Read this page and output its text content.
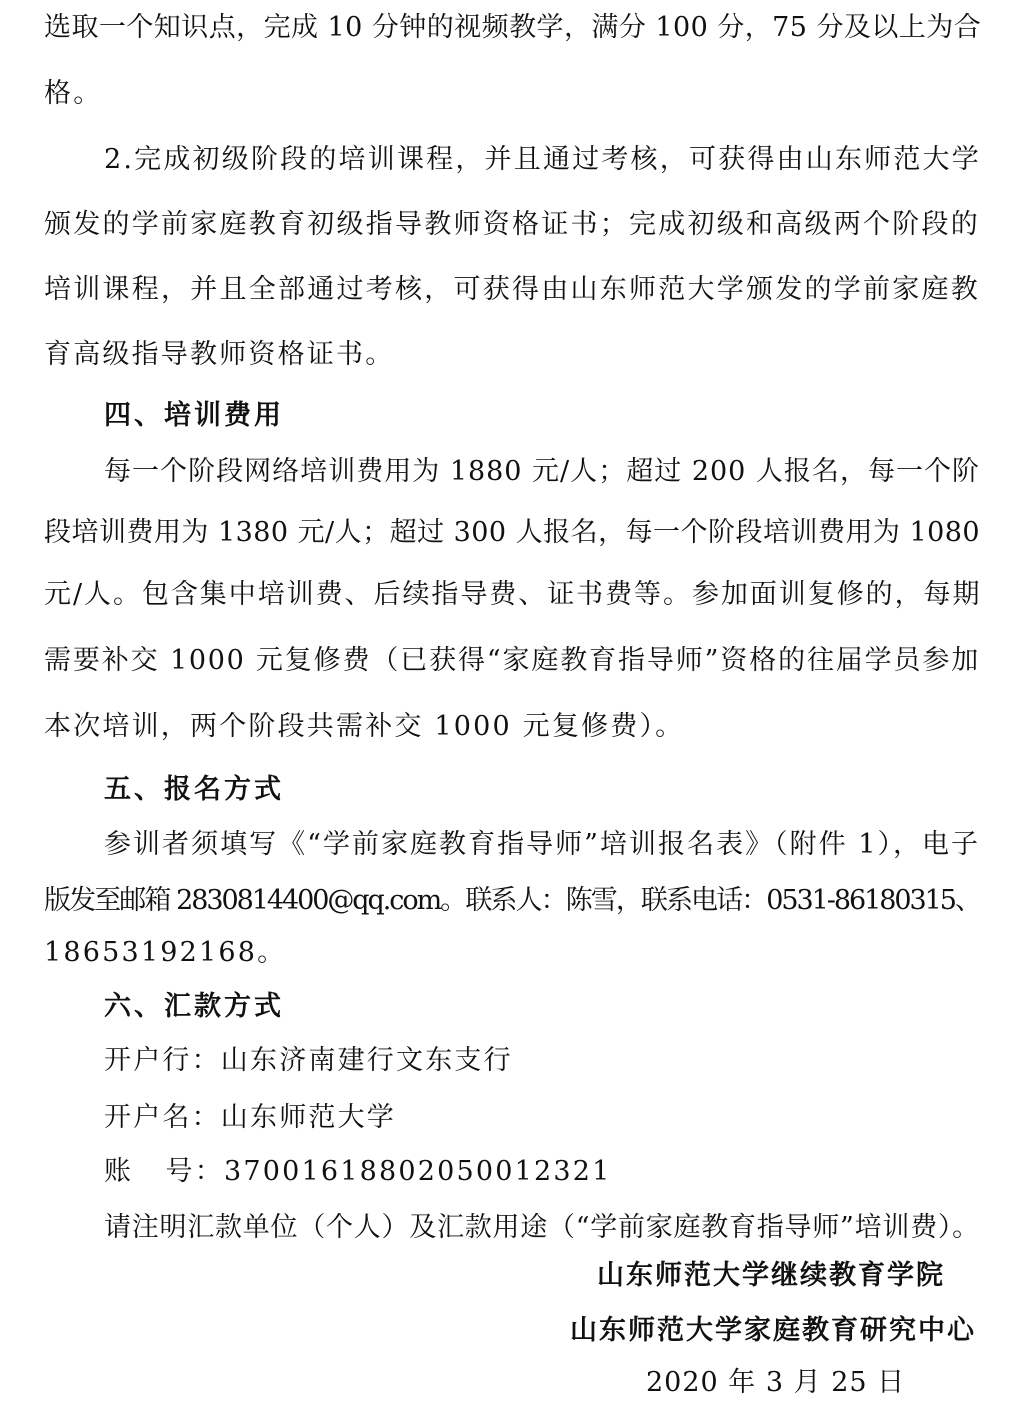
选取一个知识点，完成 10 分钟的视频教学，满分 100 分，75 分及以上为合
格。
2.完成初级阶段的培训课程，并且通过考核，可获得由山东师范大学
颁发的学前家庭教育初级指导教师资格证书；完成初级和高级两个阶段的
培训课程，并且全部通过考核，可获得由山东师范大学颁发的学前家庭教
育高级指导教师资格证书。
四、培训费用
每一个阶段网络培训费用为 1880 元/人；超过 200 人报名，每一个阶
段培训费用为 1380 元/人；超过 300 人报名，每一个阶段培训费用为 1080
元/人。包含集中培训费、后续指导费、证书费等。参加面训复修的，每期
需要补交 1000 元复修费（已获得“家庭教育指导师”资格的往届学员参加
本次培训，两个阶段共需补交 1000 元复修费）。
五、报名方式
参训者须填写《“学前家庭教育指导师”培训报名表》（附件 1），电子
版发至邮箱 2830814400@qq.com。联系人：陈雪，联系电话：0531-86180315、
18653192168。
六、汇款方式
开户行：山东济南建行文东支行
开户名：山东师范大学
账   号：37001618802050012321
请注明汇款单位（个人）及汇款用途（“学前家庭教育指导师”培训费）。
山东师范大学继续教育学院
山东师范大学家庭教育研究中心
2020 年 3 月 25 日
